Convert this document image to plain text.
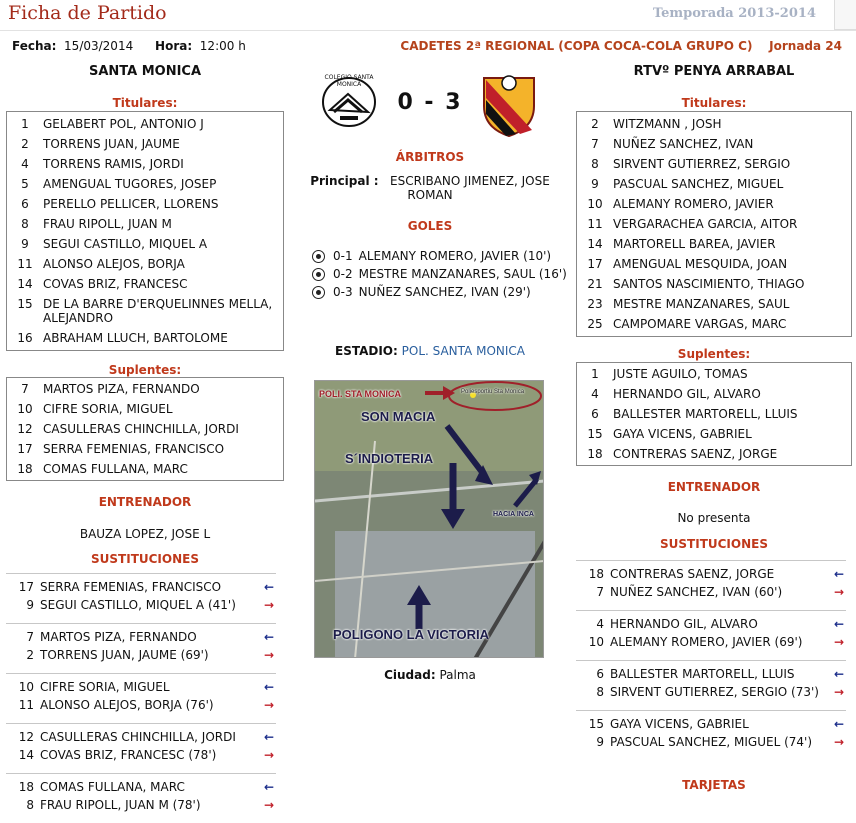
Ficha de Partido	Temporada 2013-2014
Fecha: 15/03/2014 Hora: 12:00 h	CADETES 2ª REGIONAL (COPA COCA-COLA GRUPO C) Jornada 24
SANTA MONICA
Titulares:
1	GELABERT POL, ANTONIO J
2	TORRENS JUAN, JAUME
4	TORRENS RAMIS, JORDI
5	AMENGUAL TUGORES, JOSEP
6	PERELLO PELLICER, LLORENS
8	FRAU RIPOLL, JUAN M
9	SEGUI CASTILLO, MIQUEL A
11 ALONSO ALEJOS, BORJA
14 COVAS BRIZ, FRANCESC
15 DE LA BARRE D'ERQUELINNES MELLA, ALEJANDRO
16 ABRAHAM LLUCH, BARTOLOME
Suplentes:
7	MARTOS PIZA, FERNANDO
10 CIFRE SORIA, MIGUEL
12 CASULLERAS CHINCHILLA, JORDI
17 SERRA FEMENIAS, FRANCISCO
18 COMAS FULLANA, MARC
ENTRENADOR
BAUZA LOPEZ, JOSE L
SUSTITUCIONES
17 SERRA FEMENIAS, FRANCISCO	←
9 SEGUI CASTILLO, MIQUEL A (41')	→
7 MARTOS PIZA, FERNANDO	←
2 TORRENS JUAN, JAUME (69')	→
10 CIFRE SORIA, MIGUEL	←
11 ALONSO ALEJOS, BORJA (76')	→
12 CASULLERAS CHINCHILLA, JORDI	←
14 COVAS BRIZ, FRANCESC (78')	→
18 COMAS FULLANA, MARC	←
8 FRAU RIPOLL, JUAN M (78')	→
COLEGIO SANTA MONICA
0 - 3
ÁRBITROS
Principal : ESCRIBANO JIMENEZ, JOSE ROMAN
GOLES
0-1 ALEMANY ROMERO, JAVIER (10')
0-2 MESTRE MANZANARES, SAUL (16')
0-3 NUÑEZ SANCHEZ, IVAN (29')
ESTADIO: POL. SANTA MONICA
POLI. STA MONICA	Poliesportiu Sta Monica
SON MACIA
S´INDIOTERIA
HACIA INCA
POLIGONO LA VICTORIA
Ciudad: Palma
RTVº PENYA ARRABAL
Titulares:
2	WITZMANN , JOSH
7	NUÑEZ SANCHEZ, IVAN
8	SIRVENT GUTIERREZ, SERGIO
9	PASCUAL SANCHEZ, MIGUEL
10 ALEMANY ROMERO, JAVIER
11 VERGARACHEA GARCIA, AITOR
14 MARTORELL BAREA, JAVIER
17 AMENGUAL MESQUIDA, JOAN
21 SANTOS NASCIMIENTO, THIAGO
23 MESTRE MANZANARES, SAUL
25 CAMPOMARE VARGAS, MARC
Suplentes:
1	JUSTE AGUILO, TOMAS
4	HERNANDO GIL, ALVARO
6	BALLESTER MARTORELL, LLUIS
15 GAYA VICENS, GABRIEL
18 CONTRERAS SAENZ, JORGE
ENTRENADOR
No presenta
SUSTITUCIONES
18 CONTRERAS SAENZ, JORGE	←
7 NUÑEZ SANCHEZ, IVAN (60')	→
4 HERNANDO GIL, ALVARO	←
10 ALEMANY ROMERO, JAVIER (69')	→
6 BALLESTER MARTORELL, LLUIS	←
8 SIRVENT GUTIERREZ, SERGIO (73')	→
15 GAYA VICENS, GABRIEL	←
9 PASCUAL SANCHEZ, MIGUEL (74')	→
TARJETAS
